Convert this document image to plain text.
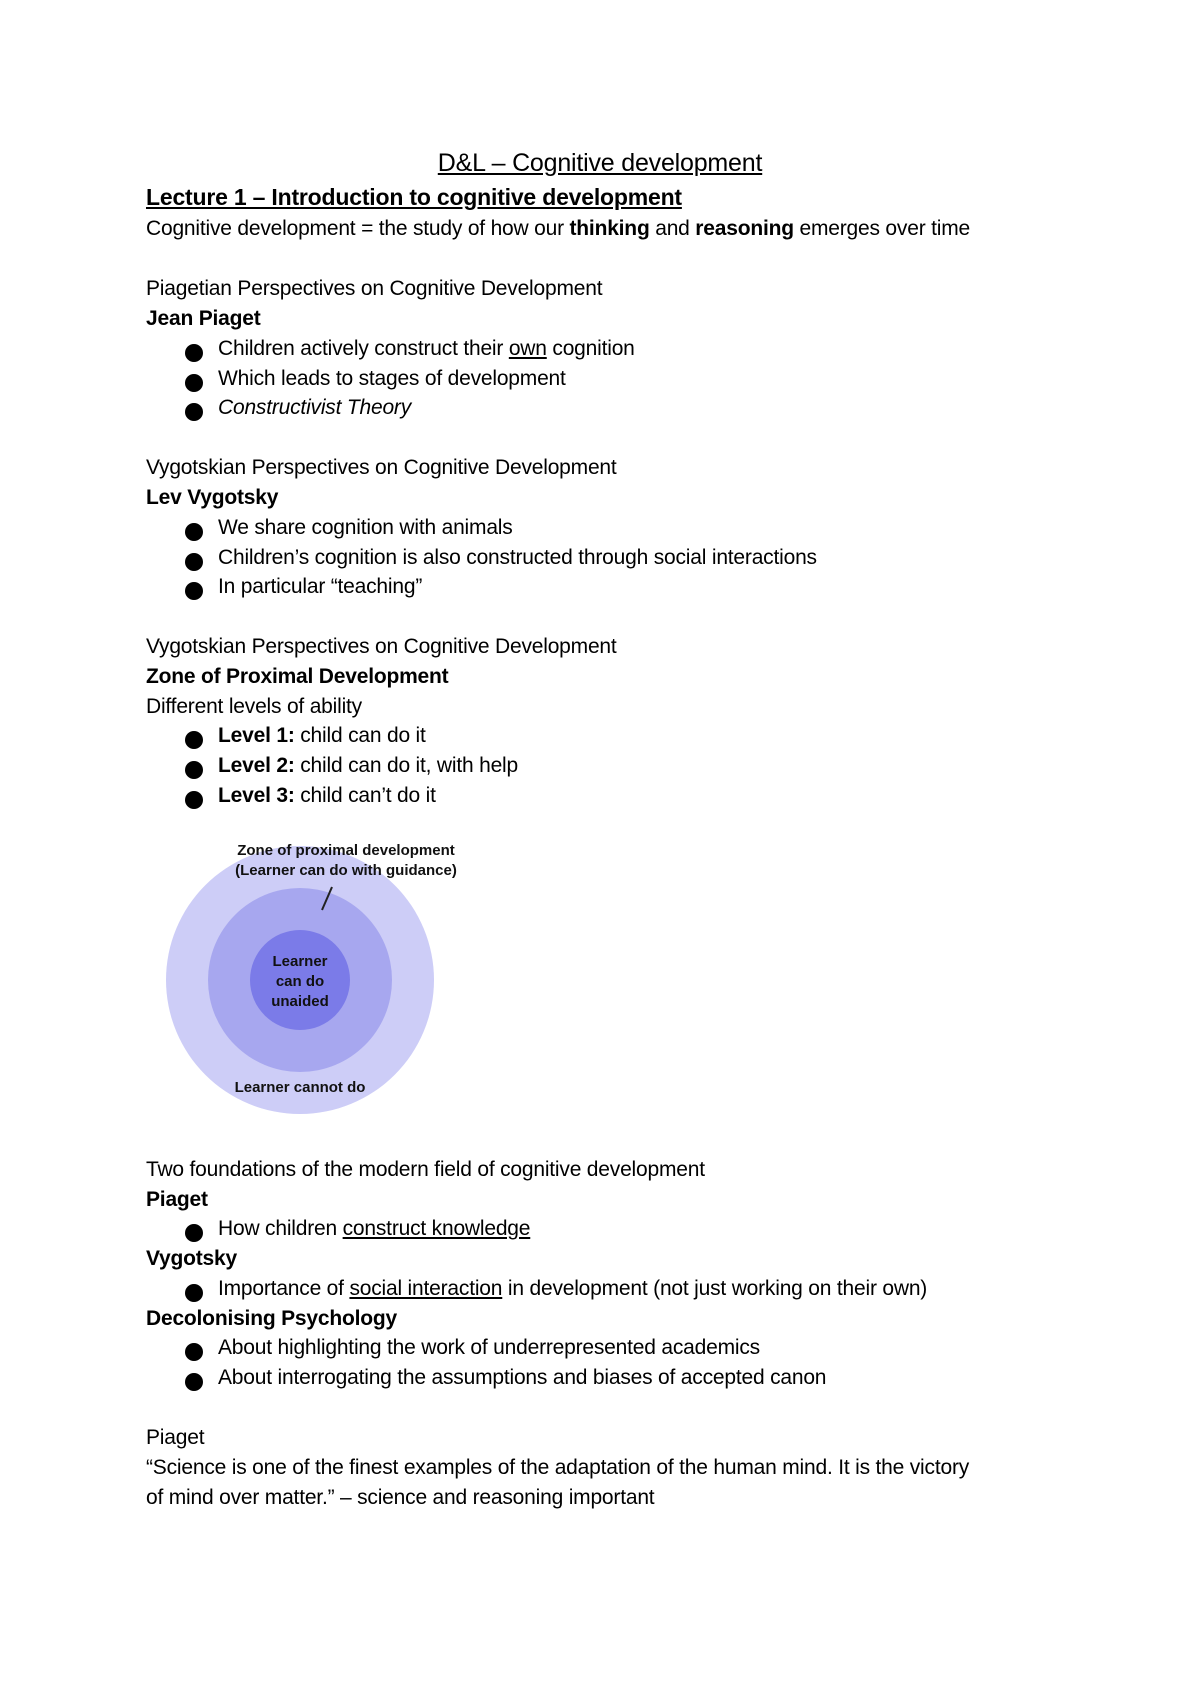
D&L – Cognitive development
Lecture 1 – Introduction to cognitive development
Cognitive development = the study of how our thinking and reasoning emerges over time
Piagetian Perspectives on Cognitive Development
Jean Piaget
Children actively construct their own cognition
Which leads to stages of development
Constructivist Theory
Vygotskian Perspectives on Cognitive Development
Lev Vygotsky
We share cognition with animals
Children’s cognition is also constructed through social interactions
In particular “teaching”
Vygotskian Perspectives on Cognitive Development
Zone of Proximal Development
Different levels of ability
Level 1: child can do it
Level 2: child can do it, with help
Level 3: child can’t do it
Zone of proximal development
(Learner can do with guidance)
Learner
can do
unaided
Learner cannot do
Two foundations of the modern field of cognitive development
Piaget
How children construct knowledge
Vygotsky
Importance of social interaction in development (not just working on their own)
Decolonising Psychology
About highlighting the work of underrepresented academics
About interrogating the assumptions and biases of accepted canon
Piaget
“Science is one of the finest examples of the adaptation of the human mind. It is the victory
of mind over matter.” – science and reasoning important
